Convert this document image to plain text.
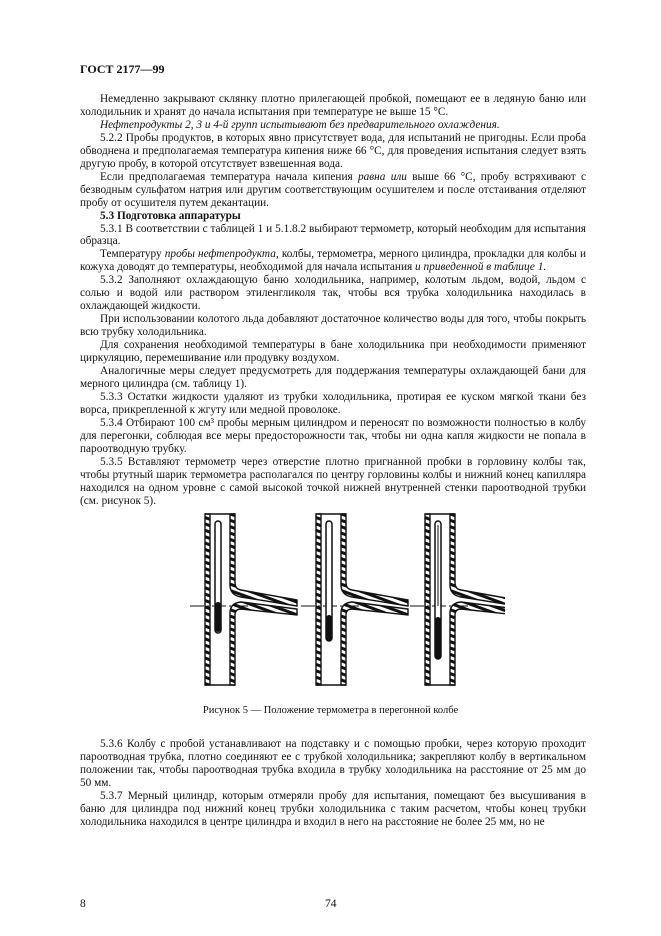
ГОСТ 2177—99

Немедленно закрывают склянку плотно прилегающей пробкой, помещают ее в ледяную баню или холодильник и хранят до начала испытания при температуре не выше 15 °С.

Нефтепродукты 2, 3 и 4-й групп испытывают без предварительного охлаждения.

5.2.2 Пробы продуктов, в которых явно присутствует вода, для испытаний не пригодны. Если проба обводнена и предполагаемая температура кипения ниже 66 °С, для проведения испытания следует взять другую пробу, в которой отсутствует взвешенная вода.

Если предполагаемая температура начала кипения равна или выше 66 °С, пробу встряхивают с безводным сульфатом натрия или другим соответствующим осушителем и после отстаивания отделяют пробу от осушителя путем декантации.

5.3 Подготовка аппаратуры

5.3.1 В соответствии с таблицей 1 и 5.1.8.2 выбирают термометр, который необходим для испытания образца.

Температуру пробы нефтепродукта, колбы, термометра, мерного цилиндра, прокладки для колбы и кожуха доводят до температуры, необходимой для начала испытания и приведенной в таблице 1.

5.3.2 Заполняют охлаждающую баню холодильника, например, колотым льдом, водой, льдом с солью и водой или раствором этиленгликоля так, чтобы вся трубка холодильника находилась в охлаждающей жидкости.

При использовании колотого льда добавляют достаточное количество воды для того, чтобы покрыть всю трубку холодильника.

Для сохранения необходимой температуры в бане холодильника при необходимости применяют циркуляцию, перемешивание или продувку воздухом.

Аналогичные меры следует предусмотреть для поддержания температуры охлаждающей бани для мерного цилиндра (см. таблицу 1).

5.3.3 Остатки жидкости удаляют из трубки холодильника, протирая ее куском мягкой ткани без ворса, прикрепленной к жгуту или медной проволоке.

5.3.4 Отбирают 100 см³ пробы мерным цилиндром и переносят по возможности полностью в колбу для перегонки, соблюдая все меры предосторожности так, чтобы ни одна капля жидкости не попала в пароотводную трубку.

5.3.5 Вставляют термометр через отверстие плотно пригнанной пробки в горловину колбы так, чтобы ртутный шарик термометра располагался по центру горловины колбы и нижний конец капилляра находился на одном уровне с самой высокой точкой нижней внутренней стенки пароотводной трубки (см. рисунок 5).

Рисунок 5 — Положение термометра в перегонной колбе

5.3.6 Колбу с пробой устанавливают на подставку и с помощью пробки, через которую проходит пароотводная трубка, плотно соединяют ее с трубкой холодильника; закрепляют колбу в вертикальном положении так, чтобы пароотводная трубка входила в трубку холодильника на расстояние от 25 мм до 50 мм.

5.3.7 Мерный цилиндр, которым отмеряли пробу для испытания, помещают без высушивания в баню для цилиндра под нижний конец трубки холодильника с таким расчетом, чтобы конец трубки холодильника находился в центре цилиндра и входил в него на расстояние не более 25 мм, но не

8	74
